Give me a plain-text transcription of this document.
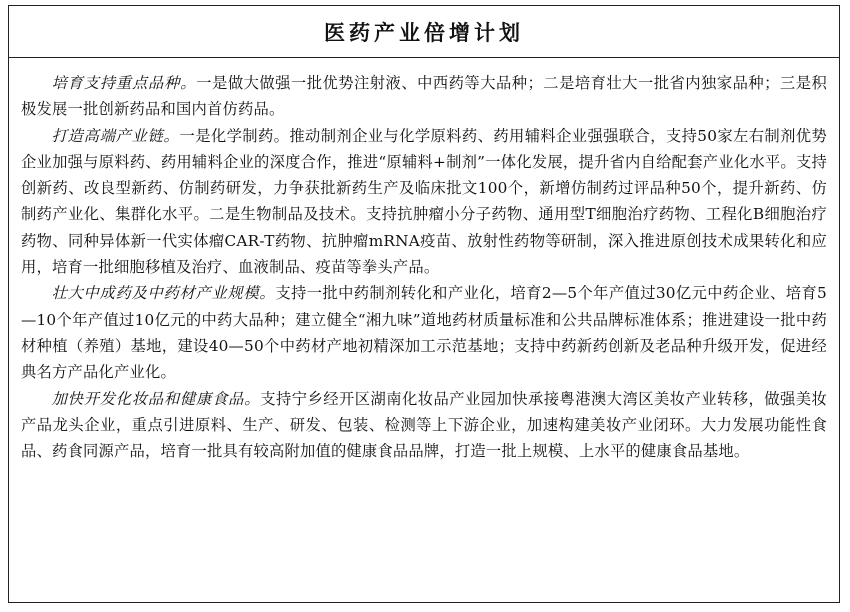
医药产业倍增计划

培育支持重点品种。一是做大做强一批优势注射液、中西药等大品种；二是培育壮大一批省内独家品种；三是积极发展一批创新药品和国内首仿药品。

打造高端产业链。一是化学制药。推动制剂企业与化学原料药、药用辅料企业强强联合，支持50家左右制剂优势企业加强与原料药、药用辅料企业的深度合作，推进“原辅料+制剂”一体化发展，提升省内自给配套产业化水平。支持创新药、改良型新药、仿制药研发，力争获批新药生产及临床批文100个，新增仿制药过评品种50个，提升新药、仿制药产业化、集群化水平。二是生物制品及技术。支持抗肿瘤小分子药物、通用型T细胞治疗药物、工程化B细胞治疗药物、同种异体新一代实体瘤CAR-T药物、抗肿瘤mRNA疫苗、放射性药物等研制，深入推进原创技术成果转化和应用，培育一批细胞移植及治疗、血液制品、疫苗等拳头产品。

壮大中成药及中药材产业规模。支持一批中药制剂转化和产业化，培育2—5个年产值过30亿元中药企业、培育5—10个年产值过10亿元的中药大品种；建立健全“湘九味”道地药材质量标准和公共品牌标准体系；推进建设一批中药材种植（养殖）基地，建设40—50个中药材产地初精深加工示范基地；支持中药新药创新及老品种升级开发，促进经典名方产品化产业化。

加快开发化妆品和健康食品。支持宁乡经开区湖南化妆品产业园加快承接粤港澳大湾区美妆产业转移，做强美妆产品龙头企业，重点引进原料、生产、研发、包装、检测等上下游企业，加速构建美妆产业闭环。大力发展功能性食品、药食同源产品，培育一批具有较高附加值的健康食品品牌，打造一批上规模、上水平的健康食品基地。
